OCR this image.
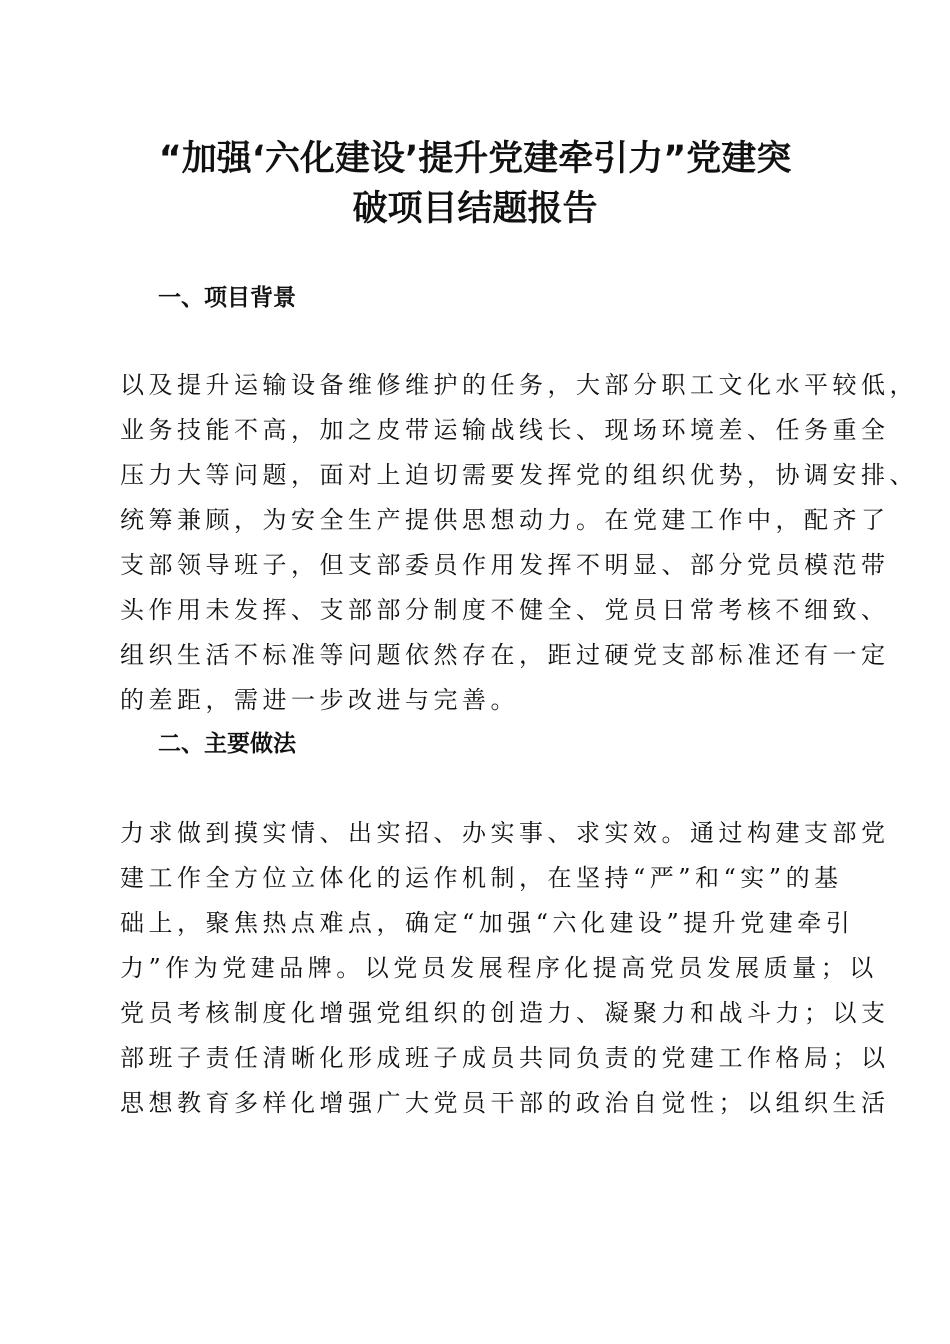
“加强‘六化建设’提升党建牵引力”党建突
破项目结题报告
一、项目背景
以及提升运输设备维修维护的任务，大部分职工文化水平较低，
业务技能不高，加之皮带运输战线长、现场环境差、任务重全
压力大等问题，面对上迫切需要发挥党的组织优势，协调安排、
统筹兼顾，为安全生产提供思想动力。在党建工作中，配齐了
支部领导班子，但支部委员作用发挥不明显、部分党员模范带
头作用未发挥、支部部分制度不健全、党员日常考核不细致、
组织生活不标准等问题依然存在，距过硬党支部标准还有一定
的差距，需进一步改进与完善。
二、主要做法
力求做到摸实情、出实招、办实事、求实效。通过构建支部党
建工作全方位立体化的运作机制，在坚持“严”和“实”的基
础上，聚焦热点难点，确定“加强“六化建设”提升党建牵引
力”作为党建品牌。以党员发展程序化提高党员发展质量；以
党员考核制度化增强党组织的创造力、凝聚力和战斗力；以支
部班子责任清晰化形成班子成员共同负责的党建工作格局；以
思想教育多样化增强广大党员干部的政治自觉性；以组织生活
